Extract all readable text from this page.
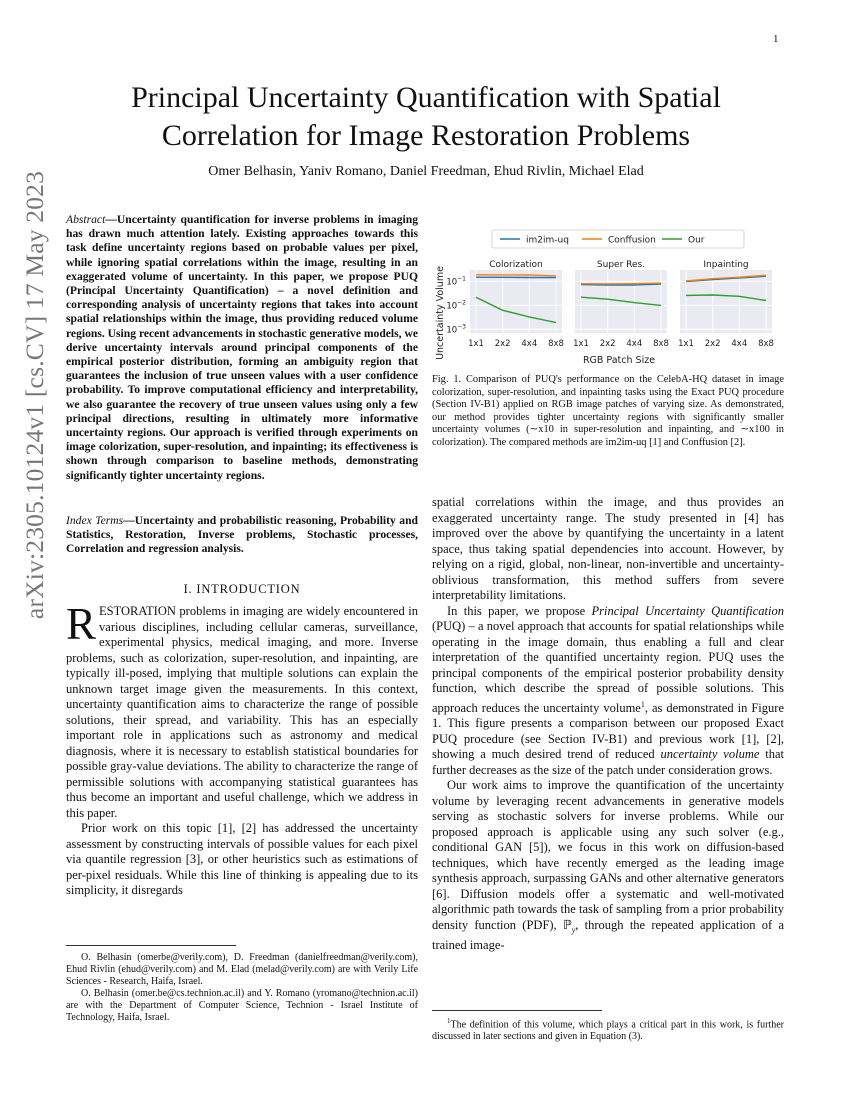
1
arXiv:2305.10124v1 [cs.CV] 17 May 2023
Principal Uncertainty Quantification with Spatial
Correlation for Image Restoration Problems
Omer Belhasin, Yaniv Romano, Daniel Freedman, Ehud Rivlin, Michael Elad
Abstract—Uncertainty quantification for inverse problems in imaging has drawn much attention lately. Existing approaches towards this task define uncertainty regions based on probable values per pixel, while ignoring spatial correlations within the image, resulting in an exaggerated volume of uncertainty. In this paper, we propose PUQ (Principal Uncertainty Quantification) – a novel definition and corresponding analysis of uncertainty regions that takes into account spatial relationships within the image, thus providing reduced volume regions. Using recent advancements in stochastic generative models, we derive uncertainty intervals around principal components of the empirical posterior distribution, forming an ambiguity region that guarantees the inclusion of true unseen values with a user confidence probability. To improve computational efficiency and interpretability, we also guarantee the recovery of true unseen values using only a few principal directions, resulting in ultimately more informative uncertainty regions. Our approach is verified through experiments on image colorization, super-resolution, and inpainting; its effectiveness is shown through comparison to baseline methods, demonstrating significantly tighter uncertainty regions.
Index Terms—Uncertainty and probabilistic reasoning, Probability and Statistics, Restoration, Inverse problems, Stochastic processes, Correlation and regression analysis.
I. INTRODUCTION

RESTORATION problems in imaging are widely encountered in various disciplines, including cellular cameras, surveillance, experimental physics, medical imaging, and more. Inverse problems, such as colorization, super-resolution, and inpainting, are typically ill-posed, implying that multiple solutions can explain the unknown target image given the measurements. In this context, uncertainty quantification aims to characterize the range of possible solutions, their spread, and variability. This has an especially important role in applications such as astronomy and medical diagnosis, where it is necessary to establish statistical boundaries for possible gray-value deviations. The ability to characterize the range of permissible solutions with accompanying statistical guarantees has thus become an important and useful challenge, which we address in this paper.

Prior work on this topic [1], [2] has addressed the uncertainty assessment by constructing intervals of possible values for each pixel via quantile regression [3], or other heuristics such as estimations of per-pixel residuals. While this line of thinking is appealing due to its simplicity, it disregards

O. Belhasin (omerbe@verily.com), D. Freedman (danielfreedman@verily.com), Ehud Rivlin (ehud@verily.com) and M. Elad (melad@verily.com) are with Verily Life Sciences - Research, Haifa, Israel.

O. Belhasin (omer.be@cs.technion.ac.il) and Y. Romano (yromano@technion.ac.il) are with the Department of Computer Science, Technion - Israel Institute of Technology, Haifa, Israel.

im2im-uq	Conffusion	Our
Colorization
1x1 2x2 4x4 8x8
Super Res.
1x1 2x2 4x4 8x8
Inpainting
1x1 2x2 4x4 8x8
$10^{-1}$
$10^{-2}$
$10^{-3}$
Uncertainty Volume
RGB Patch Size
Fig. 1. Comparison of PUQ's performance on the CelebA-HQ dataset in image colorization, super-resolution, and inpainting tasks using the Exact PUQ procedure (Section IV-B1) applied on RGB image patches of varying size. As demonstrated, our method provides tighter uncertainty regions with significantly smaller uncertainty volumes (∼x10 in super-resolution and inpainting, and ∼x100 in colorization). The compared methods are im2im-uq [1] and Conffusion [2].

spatial correlations within the image, and thus provides an exaggerated uncertainty range. The study presented in [4] has improved over the above by quantifying the uncertainty in a latent space, thus taking spatial dependencies into account. However, by relying on a rigid, global, non-linear, non-invertible and uncertainty-oblivious transformation, this method suffers from severe interpretability limitations.

In this paper, we propose Principal Uncertainty Quantification (PUQ) – a novel approach that accounts for spatial relationships while operating in the image domain, thus enabling a full and clear interpretation of the quantified uncertainty region. PUQ uses the principal components of the empirical posterior probability density function, which describe the spread of possible solutions. This approach reduces the uncertainty volume$^1$, as demonstrated in Figure 1. This figure presents a comparison between our proposed Exact PUQ procedure (see Section IV-B1) and previous work [1], [2], showing a much desired trend of reduced uncertainty volume that further decreases as the size of the patch under consideration grows.

Our work aims to improve the quantification of the uncertainty volume by leveraging recent advancements in generative models serving as stochastic solvers for inverse problems. While our proposed approach is applicable using any such solver (e.g., conditional GAN [5]), we focus in this work on diffusion-based techniques, which have recently emerged as the leading image synthesis approach, surpassing GANs and other alternative generators [6]. Diffusion models offer a systematic and well-motivated algorithmic path towards the task of sampling from a prior probability density function (PDF), ℙ$_y$, through the repeated application of a trained image-

$^1$The definition of this volume, which plays a critical part in this work, is further discussed in later sections and given in Equation (3).
